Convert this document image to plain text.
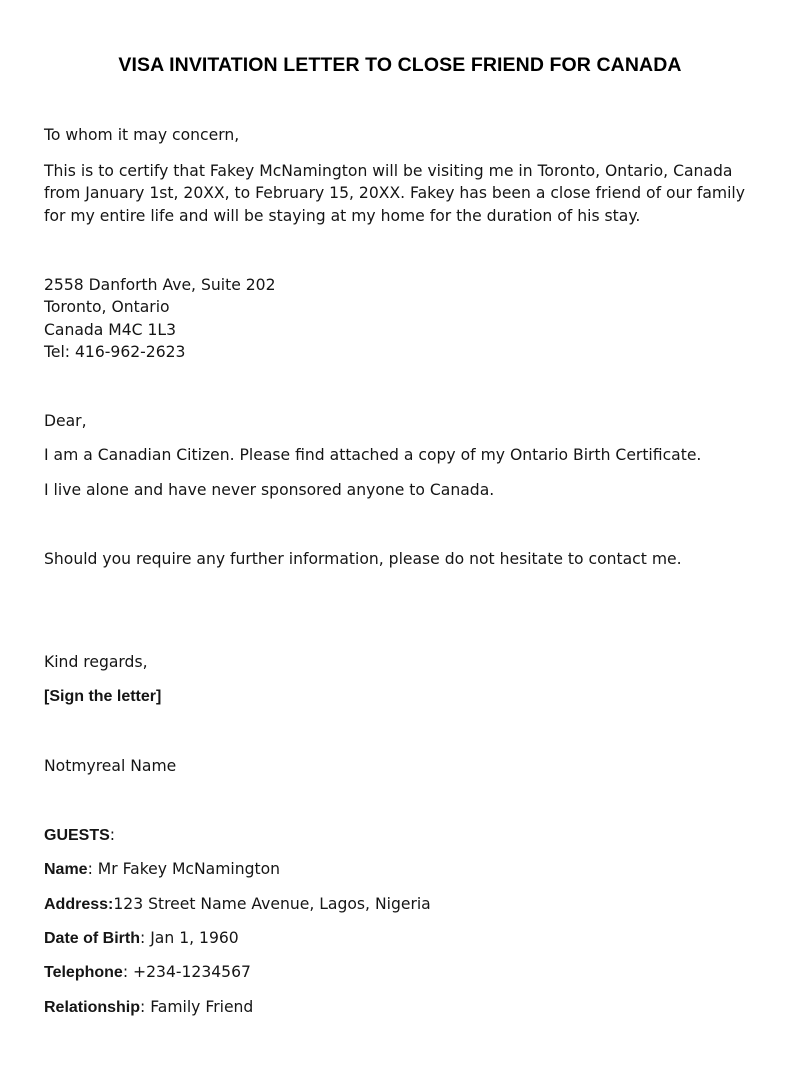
VISA INVITATION LETTER TO CLOSE FRIEND FOR CANADA
To whom it may concern,
This is to certify that Fakey McNamington will be visiting me in Toronto, Ontario, Canada
from January 1st, 20XX, to February 15, 20XX. Fakey has been a close friend of our family
for my entire life and will be staying at my home for the duration of his stay.
2558 Danforth Ave, Suite 202
Toronto, Ontario
Canada M4C 1L3
Tel: 416-962-2623
Dear,
I am a Canadian Citizen. Please find attached a copy of my Ontario Birth Certificate.
I live alone and have never sponsored anyone to Canada.
Should you require any further information, please do not hesitate to contact me.
Kind regards,
[Sign the letter]
Notmyreal Name
GUESTS:
Name: Mr Fakey McNamington
Address:123 Street Name Avenue, Lagos, Nigeria
Date of Birth: Jan 1, 1960
Telephone: +234-1234567
Relationship: Family Friend
